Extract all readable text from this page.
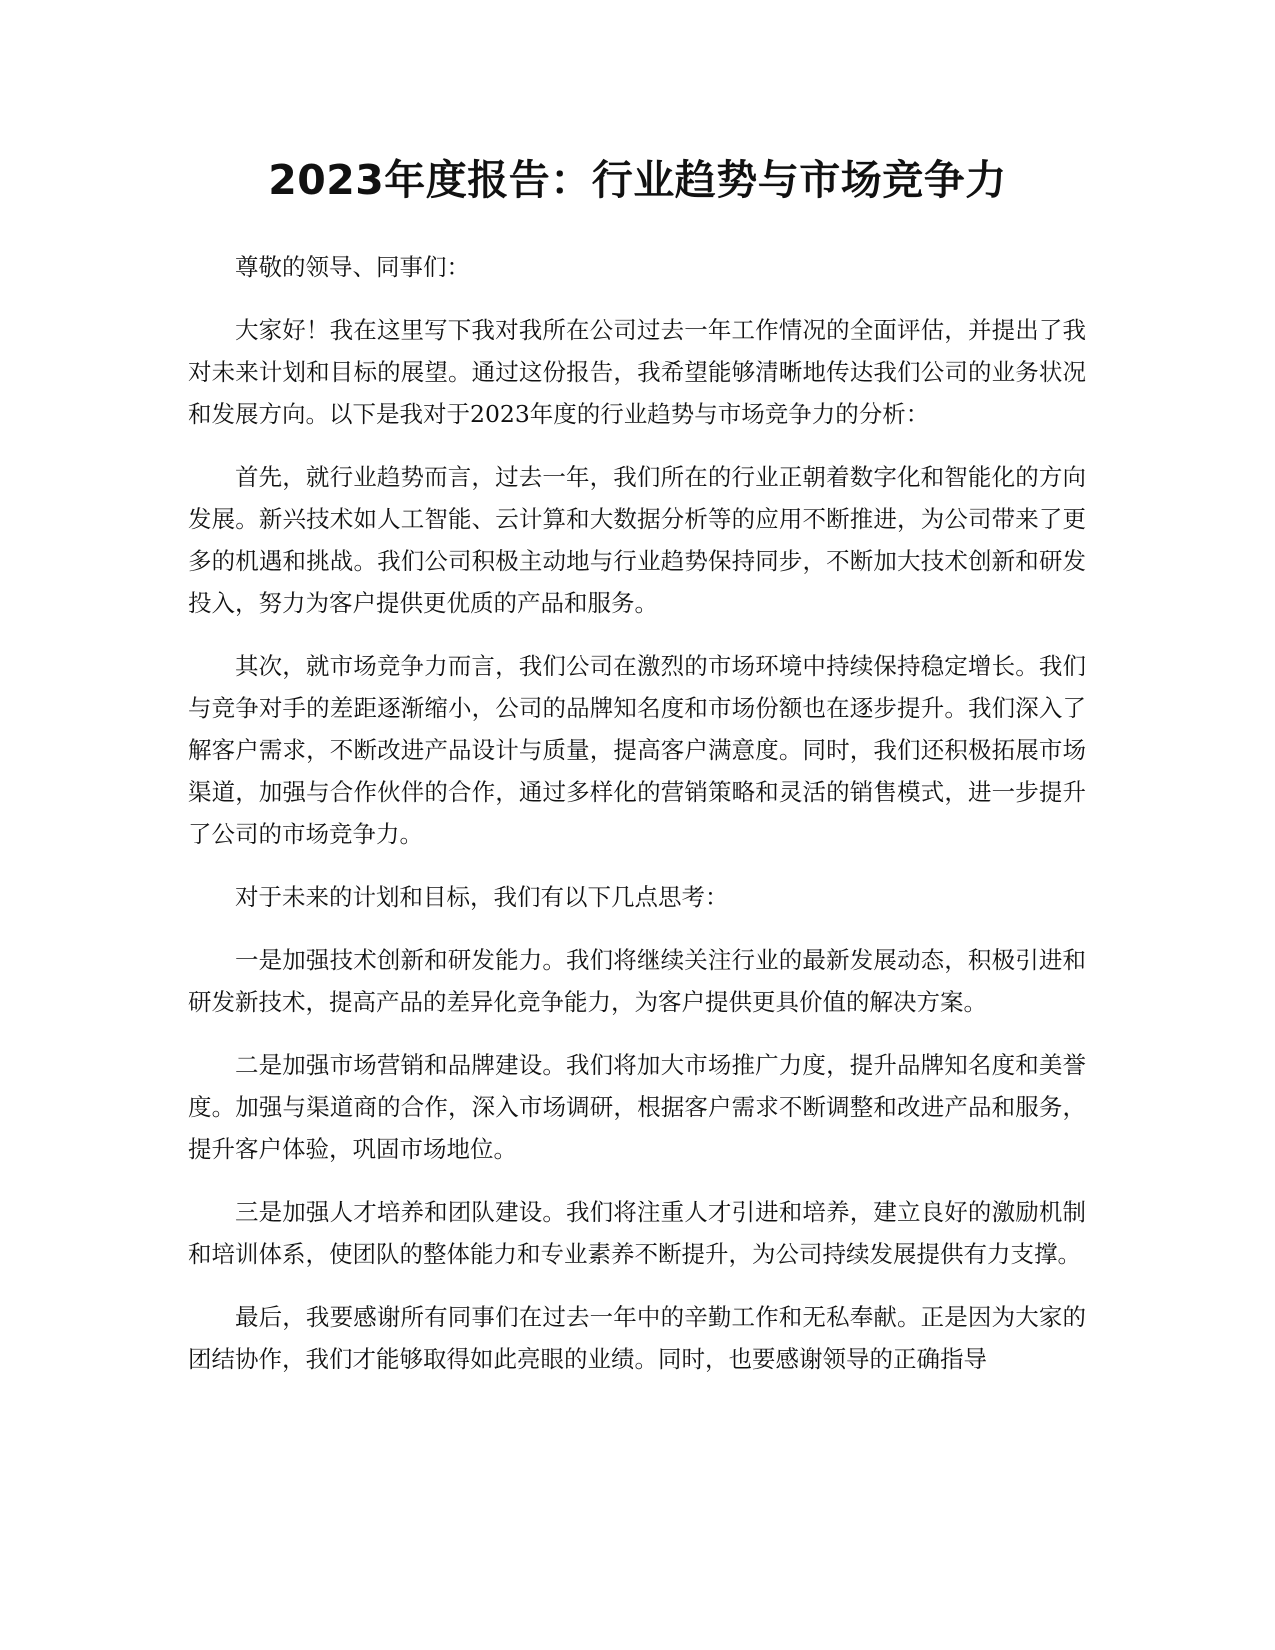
2023年度报告：行业趋势与市场竞争力

尊敬的领导、同事们：

大家好！我在这里写下我对我所在公司过去一年工作情况的全面评估，并提出了我对未来计划和目标的展望。通过这份报告，我希望能够清晰地传达我们公司的业务状况和发展方向。以下是我对于2023年度的行业趋势与市场竞争力的分析：

首先，就行业趋势而言，过去一年，我们所在的行业正朝着数字化和智能化的方向发展。新兴技术如人工智能、云计算和大数据分析等的应用不断推进，为公司带来了更多的机遇和挑战。我们公司积极主动地与行业趋势保持同步，不断加大技术创新和研发投入，努力为客户提供更优质的产品和服务。

其次，就市场竞争力而言，我们公司在激烈的市场环境中持续保持稳定增长。我们与竞争对手的差距逐渐缩小，公司的品牌知名度和市场份额也在逐步提升。我们深入了解客户需求，不断改进产品设计与质量，提高客户满意度。同时，我们还积极拓展市场渠道，加强与合作伙伴的合作，通过多样化的营销策略和灵活的销售模式，进一步提升了公司的市场竞争力。

对于未来的计划和目标，我们有以下几点思考：

一是加强技术创新和研发能力。我们将继续关注行业的最新发展动态，积极引进和研发新技术，提高产品的差异化竞争能力，为客户提供更具价值的解决方案。

二是加强市场营销和品牌建设。我们将加大市场推广力度，提升品牌知名度和美誉度。加强与渠道商的合作，深入市场调研，根据客户需求不断调整和改进产品和服务，提升客户体验，巩固市场地位。

三是加强人才培养和团队建设。我们将注重人才引进和培养，建立良好的激励机制和培训体系，使团队的整体能力和专业素养不断提升，为公司持续发展提供有力支撑。

最后，我要感谢所有同事们在过去一年中的辛勤工作和无私奉献。正是因为大家的团结协作，我们才能够取得如此亮眼的业绩。同时，也要感谢领导的正确指导
